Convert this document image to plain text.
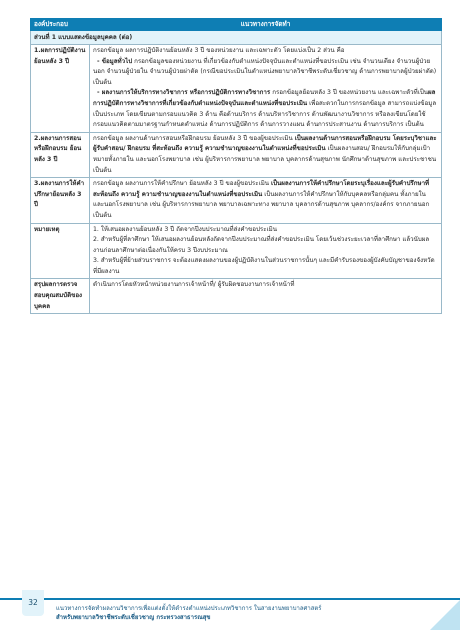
องค์ประกอบ	แนวทางการจัดทำ
ส่วนที่ 1 แบบแสดงข้อมูลบุคคล (ต่อ)	
1.ผลการปฏิบัติงานย้อนหลัง 3 ปี	กรอกข้อมูล ผลการปฏิบัติงานย้อนหลัง 3 ปี ของหน่วยงาน และเฉพาะตัว โดยแบ่งเป็น 2 ส่วน คือ

- ข้อมูลทั่วไป กรอกข้อมูลของหน่วยงาน ที่เกี่ยวข้องกับตำแหน่งปัจจุบันและตำแหน่งที่ขอประเมิน เช่น จำนวนเตียง จำนวนผู้ป่วยนอก จำนวนผู้ป่วยใน จำนวนผู้ป่วยผ่าตัด (กรณีขอประเมินในตำแหน่งพยาบาลวิชาชีพระดับเชี่ยวชาญ ด้านการพยาบาลผู้ป่วยผ่าตัด) เป็นต้น

- ผลงานการให้บริการทางวิชาการ หรือการปฏิบัติการทางวิชาการ กรอกข้อมูลย้อนหลัง 3 ปี ของหน่วยงาน และเฉพาะตัวที่เป็นผลการปฏิบัติการทางวิชาการที่เกี่ยวข้องกับตำแหน่งปัจจุบันและตำแหน่งที่ขอประเมิน เพื่อสะดวกในการกรอกข้อมูล สามารถแบ่งข้อมูลเป็นประเภท โดยเขียนตามกรอบแนวคิด 3 ด้าน คือด้านบริการ ด้านบริหารวิชาการ ด้านพัฒนางานวิชาการ หรือลงเขียนโดยใช้กรอบแนวคิดตามมาตรฐานกำหนดตำแหน่ง ด้านการปฏิบัติการ ด้านการวางแผน ด้านการประสานงาน ด้านการบริการ เป็นต้น

2.ผลงานการสอนหรือฝึกอบรม ย้อนหลัง 3 ปี	กรอกข้อมูล ผลงานด้านการสอนหรือฝึกอบรม ย้อนหลัง 3 ปี ของผู้ขอประเมิน เป็นผลงานด้านการสอนหรือฝึกอบรม โดยระบุวิชาและผู้รับคำสอน/ ฝึกอบรม ที่สะท้อนถึง ความรู้ ความชำนาญของงานในตำแหน่งที่ขอประเมิน เป็นผลงานสอน/ ฝึกอบรมให้กับกลุ่มเป้าหมายทั้งภายใน และนอกโรงพยาบาล เช่น ผู้บริหารการพยาบาล พยาบาล บุคลากรด้านสุขภาพ นักศึกษาด้านสุขภาพ และประชาชน เป็นต้น
3.ผลงานการให้คำปรึกษาย้อนหลัง 3 ปี	กรอกข้อมูล ผลงานการให้คำปรึกษา ย้อนหลัง 3 ปี ของผู้ขอประเมิน เป็นผลงานการให้คำปรึกษาโดยระบุเรื่องและผู้รับคำปรึกษาที่สะท้อนถึง ความรู้ ความชำนาญของงานในตำแหน่งที่ขอประเมิน เป็นผลงานการให้คำปรึกษาให้กับบุคคลหรือกลุ่มคน ทั้งภายใน และนอกโรงพยาบาล เช่น ผู้บริหารการพยาบาล พยาบาลเฉพาะทาง พยาบาล บุคลากรด้านสุขภาพ บุคลากร/องค์กร จากภายนอก เป็นต้น
หมายเหตุ	1. ให้เสนอผลงานย้อนหลัง 3 ปี ถัดจากปีงบประมาณที่ส่งคำขอประเมิน

2. สำหรับผู้ที่ลาศึกษา ให้เสนอผลงานย้อนหลังถัดจากปีงบประมาณที่ส่งคำขอประเมิน โดยเว้นช่วงระยะเวลาที่ลาศึกษา แล้วนับผลงานก่อนลาศึกษาต่อเนื่องกันให้ครบ 3 ปีงบประมาณ

3. สำหรับผู้ที่ย้ายส่วนราชการ จะต้องแสดงผลงานของผู้ปฏิบัติงานในส่วนราชการนั้นๆ และมีคำรับรองของผู้บังคับบัญชาของจังหวัดที่มีผลงาน

สรุปผลการตรวจสอบคุณสมบัติของบุคคล	ดำเนินการโดยหัวหน้าหน่วยงานการเจ้าหน้าที่/ ผู้รับผิดชอบงานการเจ้าหน้าที่
32
แนวทางการจัดทำผลงานวิชาการเพื่อแต่งตั้งให้ดำรงตำแหน่งประเภทวิชาการ ในสายงานพยาบาลศาสตร์
สำหรับพยาบาลวิชาชีพระดับเชี่ยวชาญ กระทรวงสาธารณสุข
